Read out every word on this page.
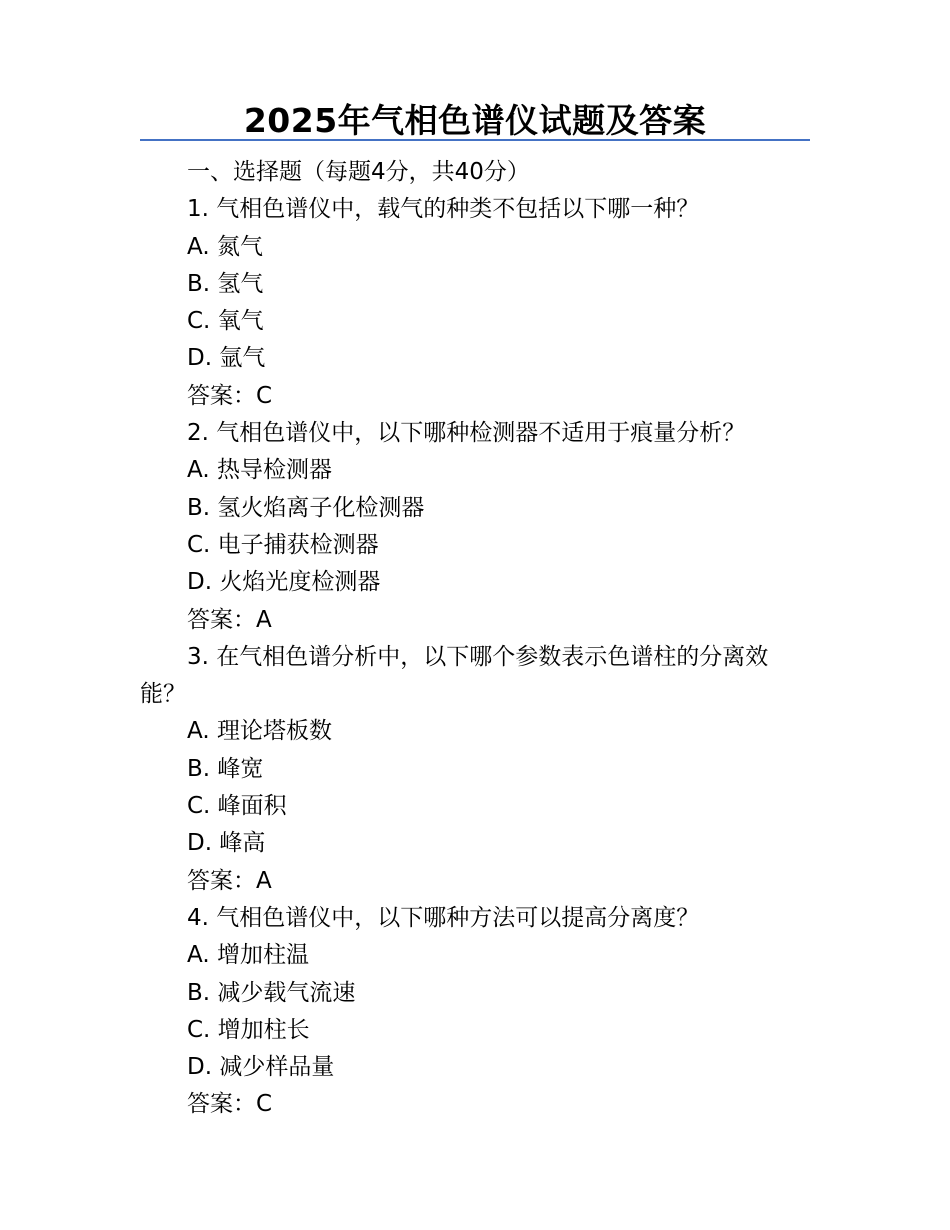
2025年气相色谱仪试题及答案

一、选择题（每题4分，共40分）

1. 气相色谱仪中，载气的种类不包括以下哪一种？

A. 氮气

B. 氢气

C. 氧气

D. 氩气

答案：C

2. 气相色谱仪中，以下哪种检测器不适用于痕量分析？

A. 热导检测器

B. 氢火焰离子化检测器

C. 电子捕获检测器

D. 火焰光度检测器

答案：A

3. 在气相色谱分析中，以下哪个参数表示色谱柱的分离效能？

A. 理论塔板数

B. 峰宽

C. 峰面积

D. 峰高

答案：A

4. 气相色谱仪中，以下哪种方法可以提高分离度？

A. 增加柱温

B. 减少载气流速

C. 增加柱长

D. 减少样品量

答案：C
